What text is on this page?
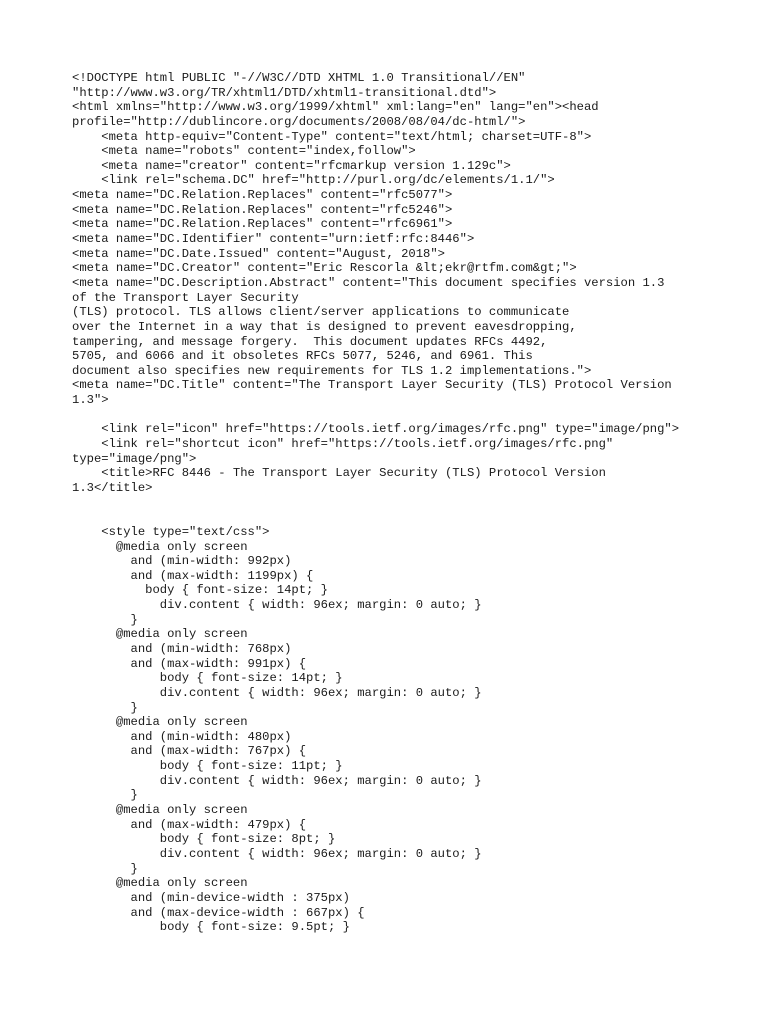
<!DOCTYPE html PUBLIC "-//W3C//DTD XHTML 1.0 Transitional//EN"
"http://www.w3.org/TR/xhtml1/DTD/xhtml1-transitional.dtd">
<html xmlns="http://www.w3.org/1999/xhtml" xml:lang="en" lang="en"><head
profile="http://dublincore.org/documents/2008/08/04/dc-html/">
<meta http-equiv="Content-Type" content="text/html; charset=UTF-8">
<meta name="robots" content="index,follow">
<meta name="creator" content="rfcmarkup version 1.129c">
<link rel="schema.DC" href="http://purl.org/dc/elements/1.1/">
<meta name="DC.Relation.Replaces" content="rfc5077">
<meta name="DC.Relation.Replaces" content="rfc5246">
<meta name="DC.Relation.Replaces" content="rfc6961">
<meta name="DC.Identifier" content="urn:ietf:rfc:8446">
<meta name="DC.Date.Issued" content="August, 2018">
<meta name="DC.Creator" content="Eric Rescorla &lt;ekr@rtfm.com&gt;">
<meta name="DC.Description.Abstract" content="This document specifies version 1.3
of the Transport Layer Security
(TLS) protocol. TLS allows client/server applications to communicate
over the Internet in a way that is designed to prevent eavesdropping,
tampering, and message forgery.  This document updates RFCs 4492,
5705, and 6066 and it obsoletes RFCs 5077, 5246, and 6961. This
document also specifies new requirements for TLS 1.2 implementations.">
<meta name="DC.Title" content="The Transport Layer Security (TLS) Protocol Version
1.3">
<link rel="icon" href="https://tools.ietf.org/images/rfc.png" type="image/png">
<link rel="shortcut icon" href="https://tools.ietf.org/images/rfc.png"
type="image/png">
<title>RFC 8446 - The Transport Layer Security (TLS) Protocol Version
1.3</title>
<style type="text/css">
@media only screen
and (min-width: 992px)
and (max-width: 1199px) {
body { font-size: 14pt; }
div.content { width: 96ex; margin: 0 auto; }
}
@media only screen
and (min-width: 768px)
and (max-width: 991px) {
body { font-size: 14pt; }
div.content { width: 96ex; margin: 0 auto; }
}
@media only screen
and (min-width: 480px)
and (max-width: 767px) {
body { font-size: 11pt; }
div.content { width: 96ex; margin: 0 auto; }
}
@media only screen
and (max-width: 479px) {
body { font-size: 8pt; }
div.content { width: 96ex; margin: 0 auto; }
}
@media only screen
and (min-device-width : 375px)
and (max-device-width : 667px) {
body { font-size: 9.5pt; }
